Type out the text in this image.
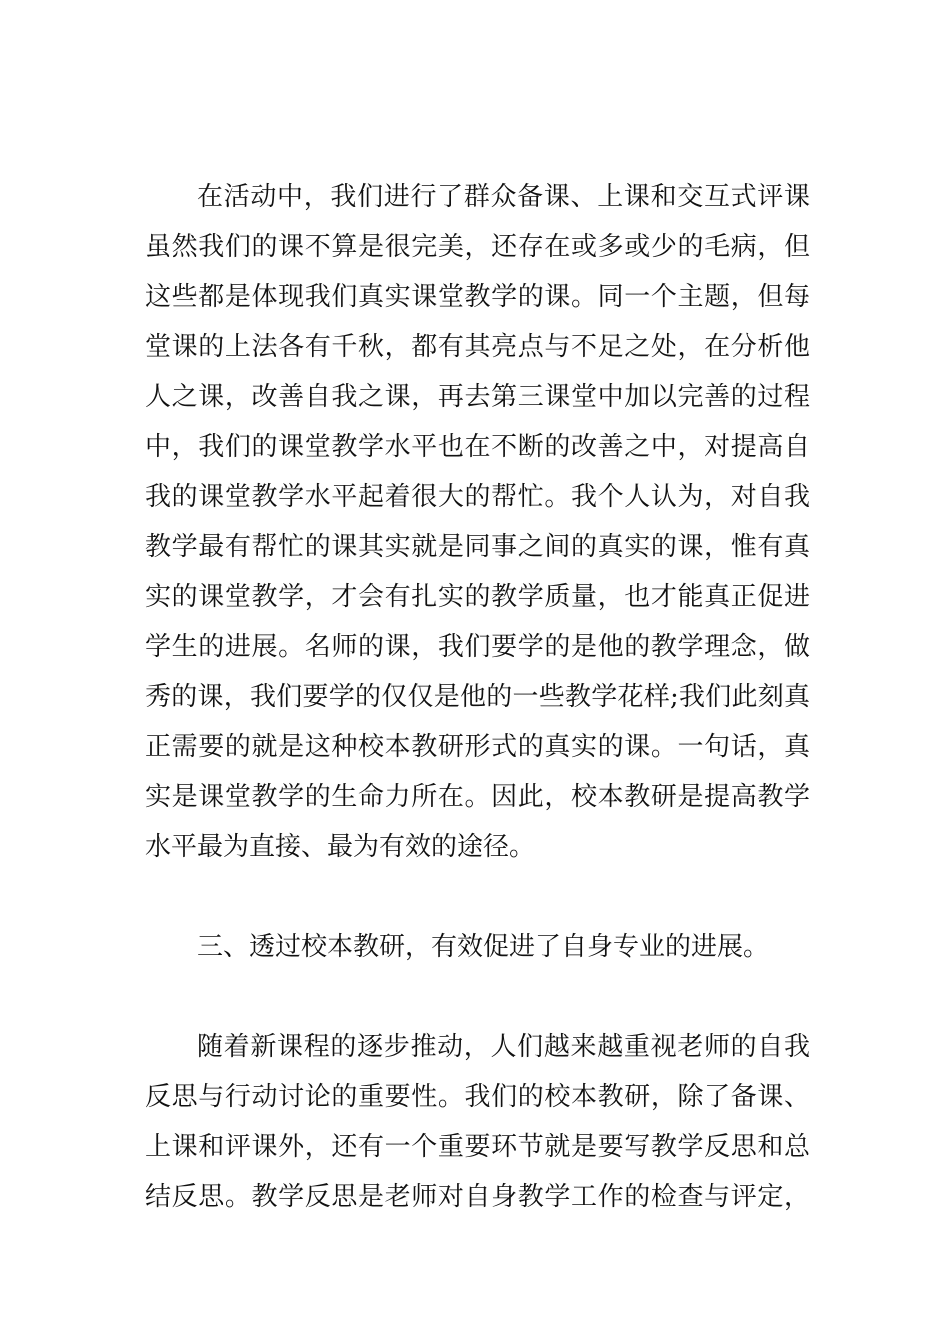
在活动中，我们进行了群众备课、上课和交互式评课
虽然我们的课不算是很完美，还存在或多或少的毛病，但
这些都是体现我们真实课堂教学的课。同一个主题，但每
堂课的上法各有千秋，都有其亮点与不足之处，在分析他
人之课，改善自我之课，再去第三课堂中加以完善的过程
中，我们的课堂教学水平也在不断的改善之中，对提高自
我的课堂教学水平起着很大的帮忙。我个人认为，对自我
教学最有帮忙的课其实就是同事之间的真实的课，惟有真
实的课堂教学，才会有扎实的教学质量，也才能真正促进
学生的进展。名师的课，我们要学的是他的教学理念，做
秀的课，我们要学的仅仅是他的一些教学花样;我们此刻真
正需要的就是这种校本教研形式的真实的课。一句话，真
实是课堂教学的生命力所在。因此，校本教研是提高教学
水平最为直接、最为有效的途径。
三、透过校本教研，有效促进了自身专业的进展。
随着新课程的逐步推动，人们越来越重视老师的自我
反思与行动讨论的重要性。我们的校本教研，除了备课、
上课和评课外，还有一个重要环节就是要写教学反思和总
结反思。教学反思是老师对自身教学工作的检查与评定，
